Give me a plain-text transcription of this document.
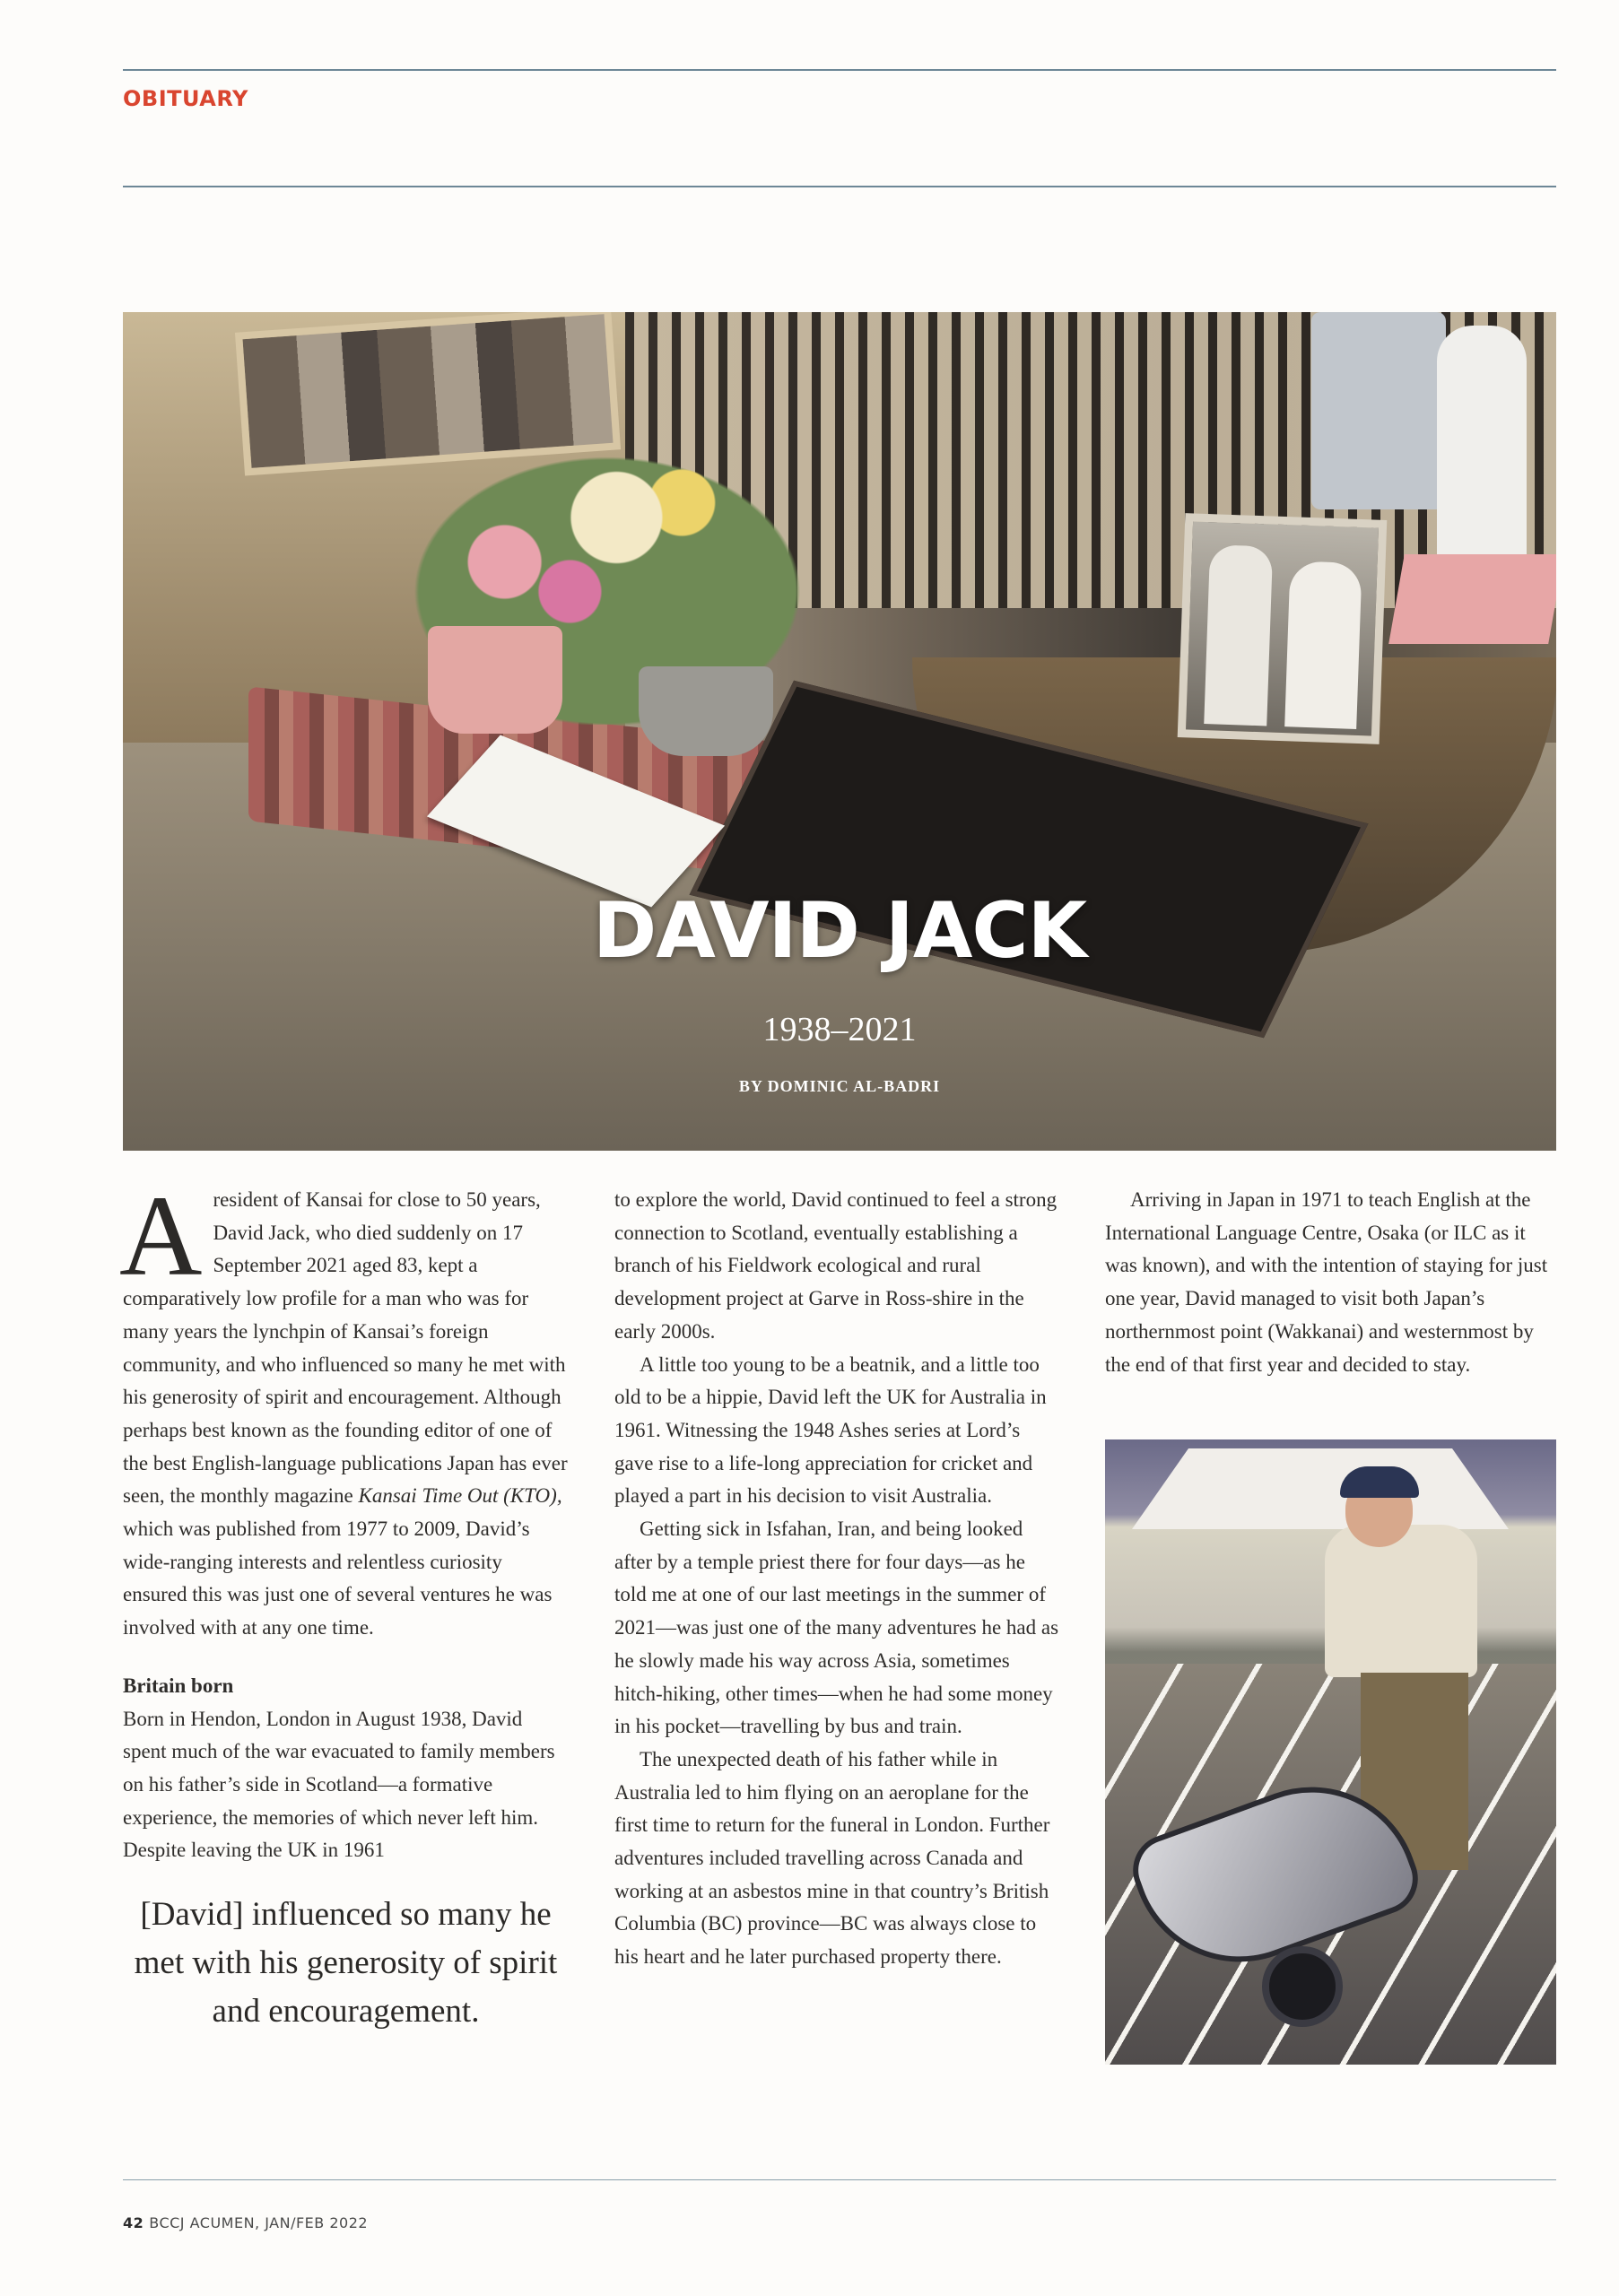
OBITUARY
DAVID JACK
1938–2021
BY DOMINIC AL-BADRI

Aresident of Kansai for close to 50 years, David Jack, who died suddenly on 17 September 2021 aged 83, kept a comparatively low profile for a man who was for many years the lynchpin of Kansai’s foreign community, and who influenced so many he met with his generosity of spirit and encouragement. Although perhaps best known as the founding editor of one of the best English-language publications Japan has ever seen, the monthly magazine Kansai Time Out (KTO), which was published from 1977 to 2009, David’s wide-ranging interests and relentless curiosity ensured this was just one of several ventures he was involved with at any one time.

Britain born

Born in Hendon, London in August 1938, David spent much of the war evacuated to family members on his father’s side in Scotland—a formative experience, the memories of which never left him. Despite leaving the UK in 1961

[David] influenced so many he met with his generosity of spirit and encouragement.

to explore the world, David continued to feel a strong connection to Scotland, eventually establishing a branch of his Fieldwork ecological and rural development project at Garve in Ross-shire in the early 2000s.

A little too young to be a beatnik, and a little too old to be a hippie, David left the UK for Australia in 1961. Witnessing the 1948 Ashes series at Lord’s gave rise to a life-long appreciation for cricket and played a part in his decision to visit Australia.

Getting sick in Isfahan, Iran, and being looked after by a temple priest there for four days—as he told me at one of our last meetings in the summer of 2021—was just one of the many adventures he had as he slowly made his way across Asia, sometimes hitch-hiking, other times—when he had some money in his pocket—travelling by bus and train.

The unexpected death of his father while in Australia led to him flying on an aeroplane for the first time to return for the funeral in London. Further adventures included travelling across Canada and working at an asbestos mine in that country’s British Columbia (BC) province—BC was always close to his heart and he later purchased property there.

Arriving in Japan in 1971 to teach English at the International Language Centre, Osaka (or ILC as it was known), and with the intention of staying for just one year, David managed to visit both Japan’s northernmost point (Wakkanai) and westernmost by the end of that first year and decided to stay.

42 BCCJ ACUMEN, JAN/FEB 2022
